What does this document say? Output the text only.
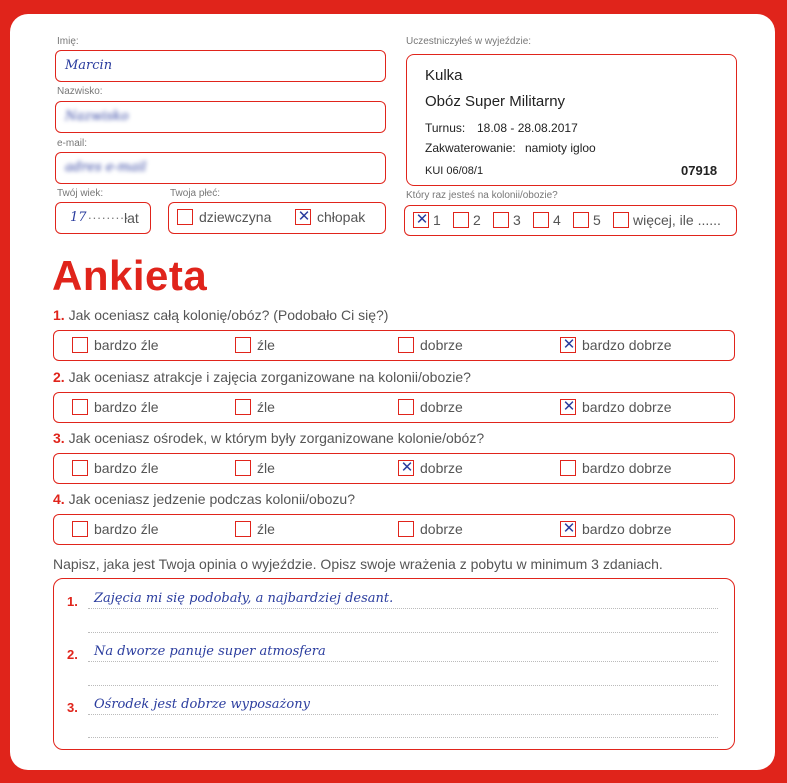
Imię:
Marcin
Nazwisko:
Nazwisko
e-mail:
adres e-mail
Twój wiek:
17 .........
lat
Twoja płeć:
dziewczyna ✕	chłopak
Uczestniczyłeś w wyjeździe:
Kulka
Obóz Super Militarny
Turnus: 18.08 - 28.08.2017
Zakwaterowanie: namioty igloo
KUI 06/08/1	07918
Który raz jesteś na kolonii/obozie?
✕
1 2 3 4 5 więcej, ile ......
Ankieta
1. Jak oceniasz całą kolonię/obóz? (Podobało Ci się?)
bardzo źle	źle	dobrze ✕	bardzo dobrze
2. Jak oceniasz atrakcje i zajęcia zorganizowane na kolonii/obozie?
bardzo źle	źle	dobrze ✕	bardzo dobrze
3. Jak oceniasz ośrodek, w którym były zorganizowane kolonie/obóz?
bardzo źle	źle ✕	dobrze	bardzo dobrze
4. Jak oceniasz jedzenie podczas kolonii/obozu?
bardzo źle	źle	dobrze ✕	bardzo dobrze
Napisz, jaka jest Twoja opinia o wyjeździe. Opisz swoje wrażenia z pobytu w minimum 3 zdaniach.
1. Zajęcia mi się podobały, a najbardziej desant.
2. Na dworze panuje super atmosfera
3. Ośrodek jest dobrze wyposażony
